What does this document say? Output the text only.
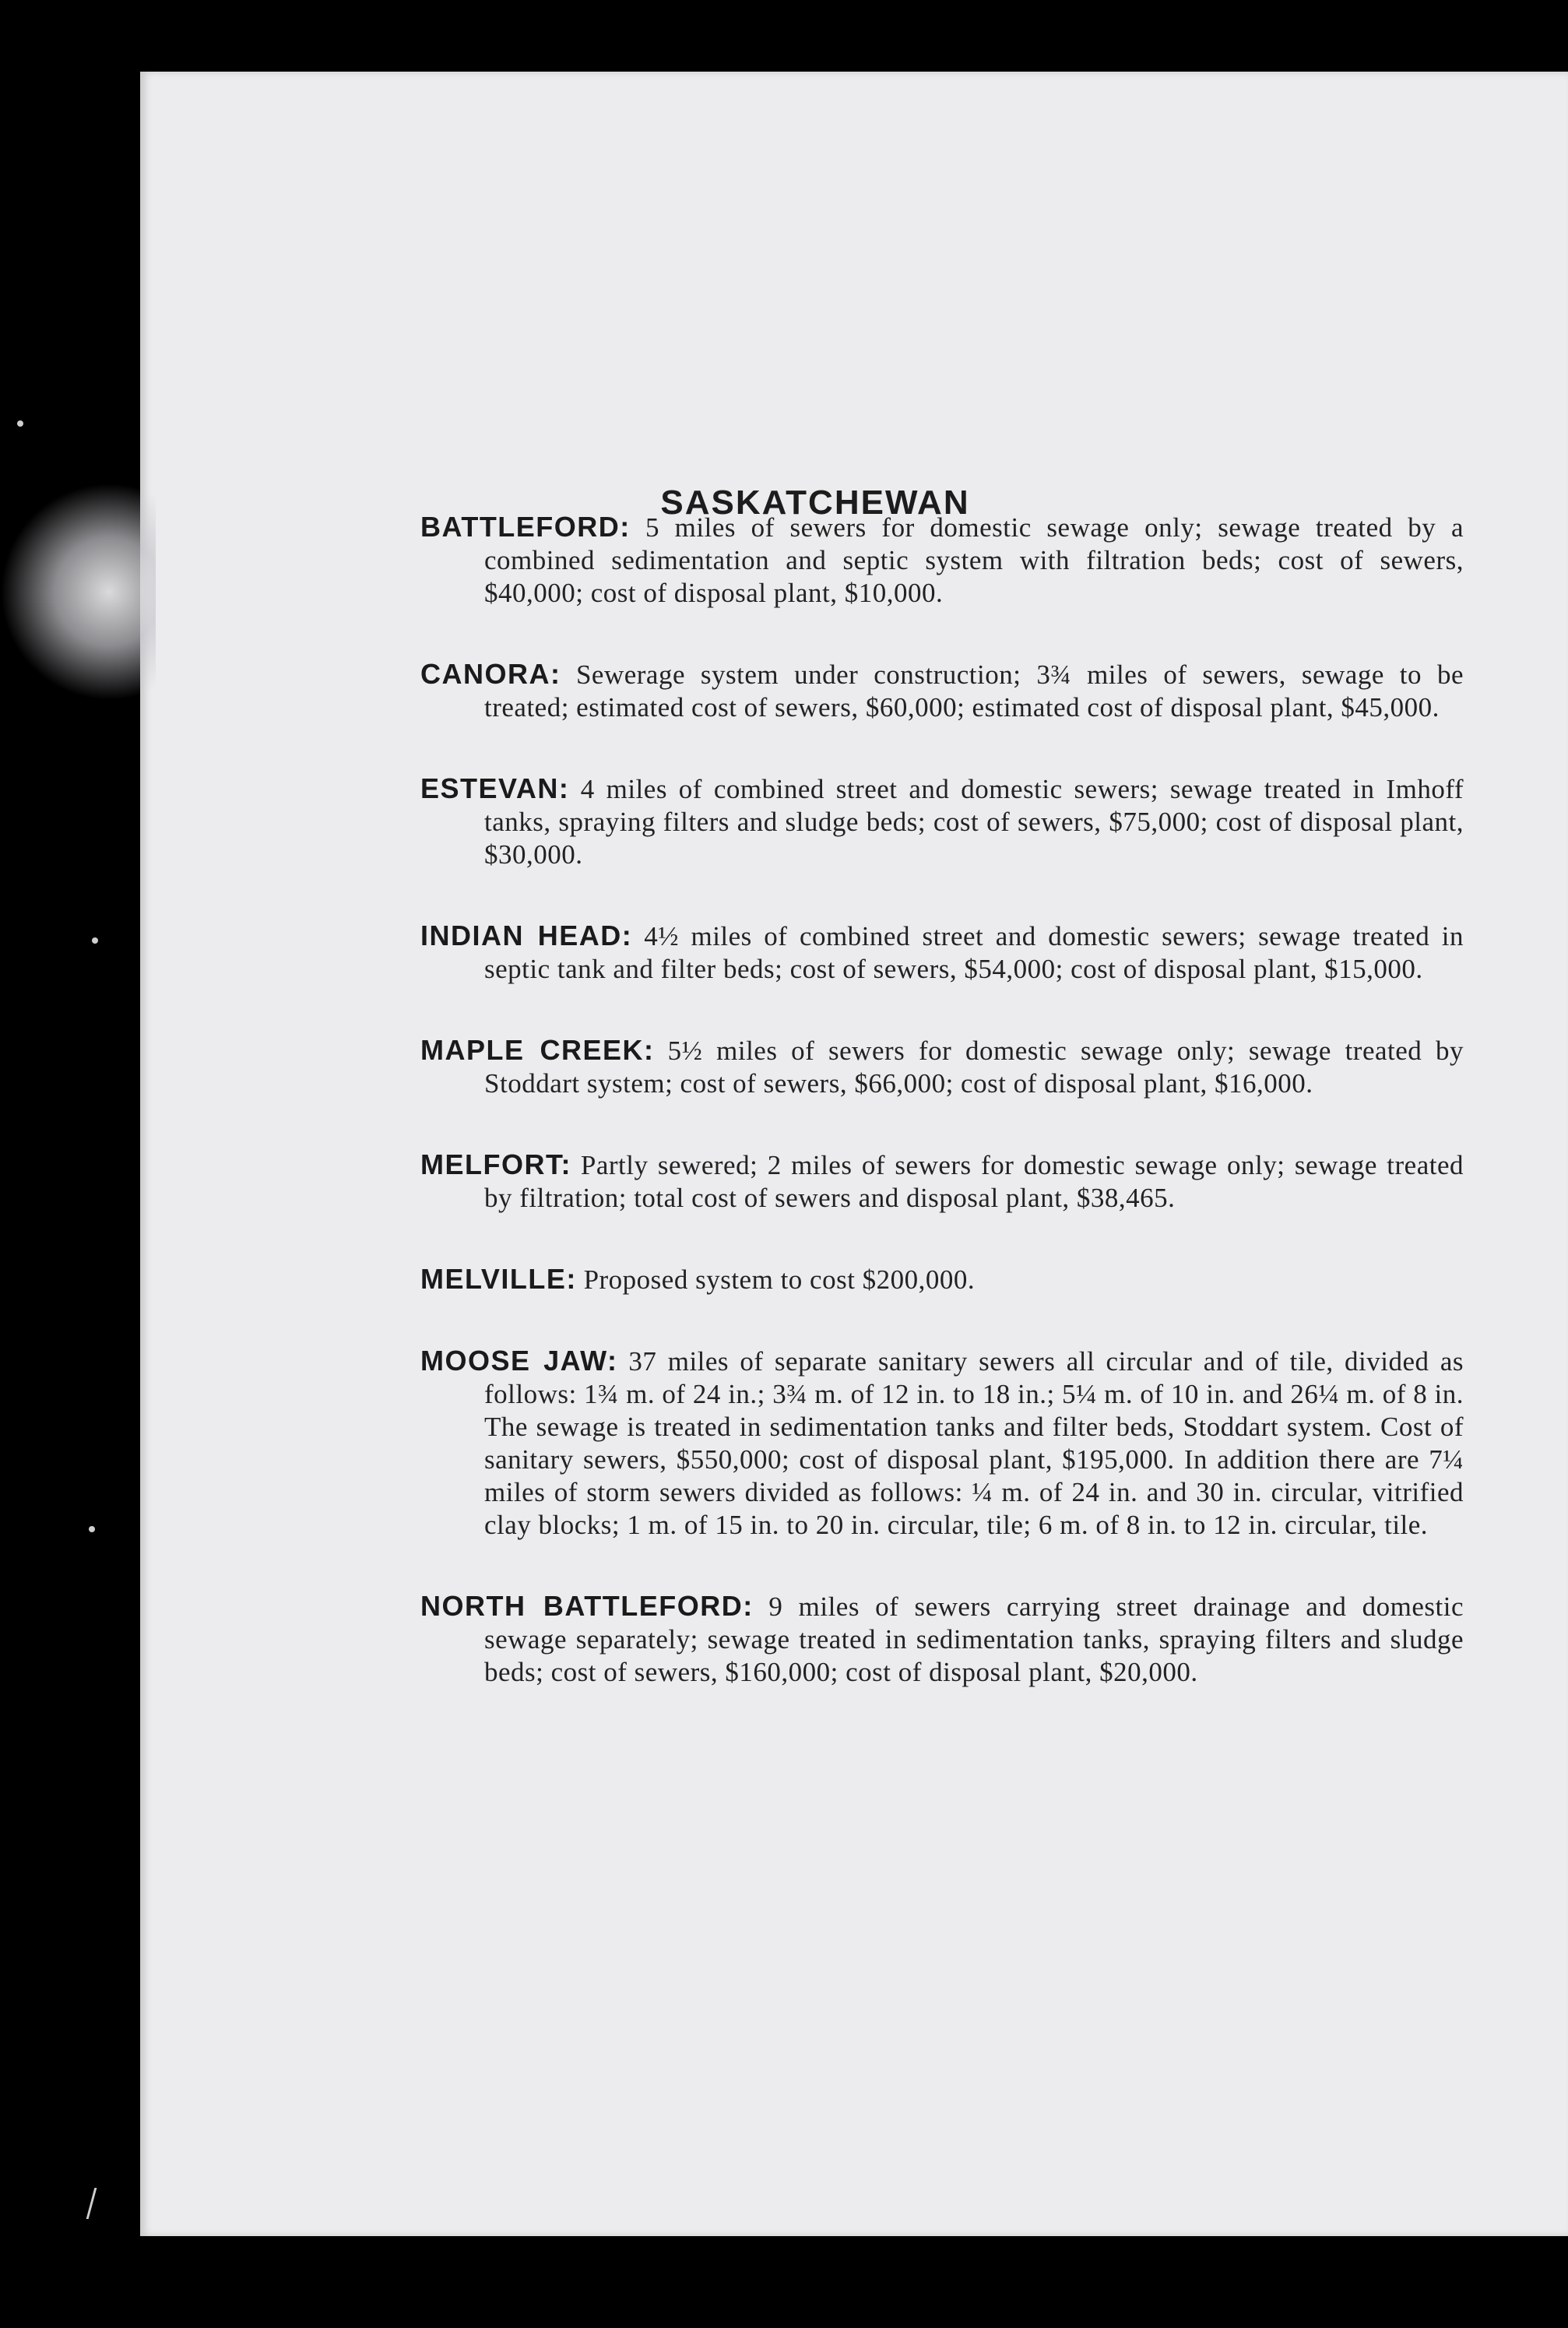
SASKATCHEWAN

BATTLEFORD: 5 miles of sewers for domestic sewage only; sewage treated by a combined sedimentation and septic system with filtration beds; cost of sewers, $40,000; cost of disposal plant, $10,000.

CANORA: Sewerage system under construction; 3¾ miles of sewers, sewage to be treated; estimated cost of sewers, $60,000; estimated cost of disposal plant, $45,000.

ESTEVAN: 4 miles of combined street and domestic sewers; sewage treated in Imhoff tanks, spraying filters and sludge beds; cost of sewers, $75,000; cost of disposal plant, $30,000.

INDIAN HEAD: 4½ miles of combined street and domestic sewers; sewage treated in septic tank and filter beds; cost of sewers, $54,000; cost of disposal plant, $15,000.

MAPLE CREEK: 5½ miles of sewers for domestic sewage only; sewage treated by Stoddart system; cost of sewers, $66,000; cost of disposal plant, $16,000.

MELFORT: Partly sewered; 2 miles of sewers for domestic sewage only; sewage treated by filtration; total cost of sewers and disposal plant, $38,465.

MELVILLE: Proposed system to cost $200,000.

MOOSE JAW: 37 miles of separate sanitary sewers all circular and of tile, divided as follows: 1¾ m. of 24 in.; 3¾ m. of 12 in. to 18 in.; 5¼ m. of 10 in. and 26¼ m. of 8 in. The sewage is treated in sedimentation tanks and filter beds, Stoddart system. Cost of sanitary sewers, $550,000; cost of disposal plant, $195,000. In addition there are 7¼ miles of storm sewers divided as follows: ¼ m. of 24 in. and 30 in. circular, vitrified clay blocks; 1 m. of 15 in. to 20 in. circular, tile; 6 m. of 8 in. to 12 in. circular, tile.

NORTH BATTLEFORD: 9 miles of sewers carrying street drainage and domestic sewage separately; sewage treated in sedimentation tanks, spraying filters and sludge beds; cost of sewers, $160,000; cost of disposal plant, $20,000.
